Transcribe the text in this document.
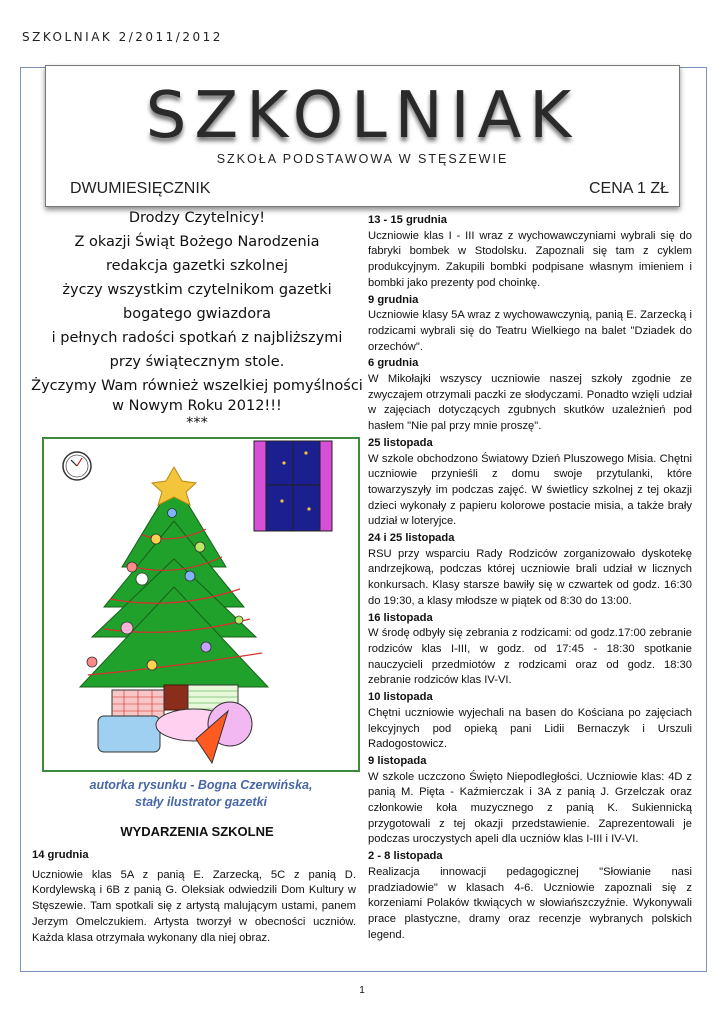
SZKOLNIAK 2/2011/2012
SZKOLNIAK
SZKOŁA PODSTAWOWA W STĘSZEWIE
DWUMIESIĘCZNIK	CENA 1 ZŁ
Drodzy Czytelnicy!
Z okazji Świąt Bożego Narodzenia
redakcja gazetki szkolnej
życzy wszystkim czytelnikom gazetki
bogatego gwiazdora
i pełnych radości spotkań z najbliższymi
przy świątecznym stole.
Życzymy Wam również wszelkiej pomyślności w Nowym Roku 2012!!!
***
autorka rysunku - Bogna Czerwińska,
stały ilustrator gazetki
WYDARZENIA SZKOLNE
14 grudnia
Uczniowie klas 5A z panią E. Zarzecką, 5C z panią D. Kordylewską i 6B z panią G. Oleksiak odwiedzili Dom Kultury w Stęszewie. Tam spotkali się z artystą malującym ustami, panem Jerzym Omelczukiem. Artysta tworzył w obecności uczniów. Każda klasa otrzymała wykonany dla niej obraz.
13 - 15 grudnia
Uczniowie klas I - III wraz z wychowawczyniami wybrali się do fabryki bombek w Stodolsku. Zapoznali się tam z cyklem produkcyjnym. Zakupili bombki podpisane własnym imieniem i bombki jako prezenty pod choinkę.
9 grudnia
Uczniowie klasy 5A wraz z wychowawczynią, panią E. Zarzecką i rodzicami wybrali się do Teatru Wielkiego na balet "Dziadek do orzechów".
6 grudnia
W Mikołajki wszyscy uczniowie naszej szkoły zgodnie ze zwyczajem otrzymali paczki ze słodyczami. Ponadto wzięli udział w zajęciach dotyczących zgubnych skutków uzależnień pod hasłem "Nie pal przy mnie proszę".
25 listopada
W szkole obchodzono Światowy Dzień Pluszowego Misia. Chętni uczniowie przynieśli z domu swoje przytulanki, które towarzyszyły im podczas zajęć. W świetlicy szkolnej z tej okazji dzieci wykonały z papieru kolorowe postacie misia, a także brały udział w loteryjce.
24 i 25 listopada
RSU przy wsparciu Rady Rodziców zorganizowało dyskotekę andrzejkową, podczas której uczniowie brali udział w licznych konkursach. Klasy starsze bawiły się w czwartek od godz. 16:30 do 19:30, a klasy młodsze w piątek od 8:30 do 13:00.
16 listopada
W środę odbyły się zebrania z rodzicami: od godz.17:00 zebranie rodziców klas I-III, w godz. od 17:45 - 18:30 spotkanie nauczycieli przedmiotów z rodzicami oraz od godz. 18:30 zebranie rodziców klas IV-VI.
10 listopada
Chętni uczniowie wyjechali na basen do Kościana po zajęciach lekcyjnych pod opieką pani Lidii Bernaczyk i Urszuli Radogostowicz.
9 listopada
W szkole uczczono Święto Niepodległości. Uczniowie klas: 4D z panią M. Pięta - Kaźmierczak i 3A z panią J. Grzelczak oraz członkowie koła muzycznego z panią K. Sukiennicką przygotowali z tej okazji przedstawienie. Zaprezentowali je podczas uroczystych apeli dla uczniów klas I-III i IV-VI.
2 - 8 listopada
Realizacja innowacji pedagogicznej "Słowianie nasi pradziadowie" w klasach 4-6. Uczniowie zapoznali się z korzeniami Polaków tkwiących w słowiańszczyźnie. Wykonywali prace plastyczne, dramy oraz recenzje wybranych polskich legend.
1
